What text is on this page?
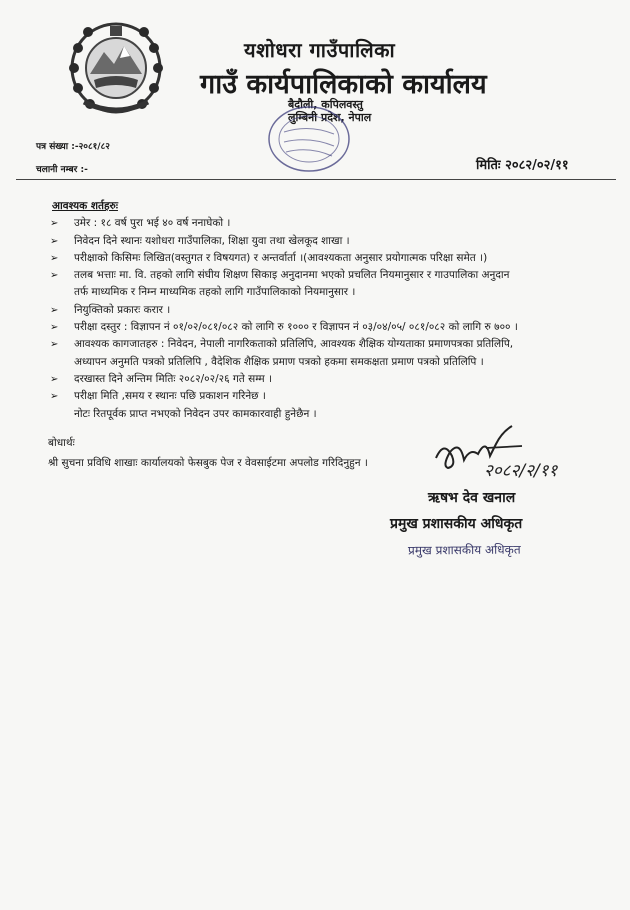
यशोधरा गाउँपालिका
गाउँ कार्यपालिकाको कार्यालय
बैदौली, कपिलवस्तु
लुम्बिनी प्रदेश, नेपाल
पत्र संख्या :-२०८१/८२
चलानी नम्बर :-	मितिः २०८२/०२/११
आवश्यक शर्तहरुः
➢ उमेर : १८ वर्ष पुरा भई ४० वर्ष ननाघेको ।
➢ निवेदन दिने स्थानः यशोधरा गाउँपालिका, शिक्षा युवा तथा खेलकूद शाखा ।
➢ परीक्षाको किसिमः लिखित(वस्तुगत र विषयगत) र अन्तर्वार्ता ।(आवश्यकता अनुसार प्रयोगात्मक परिक्षा समेत ।)
➢ तलब भत्ताः मा. वि. तहको लागि संघीय शिक्षण सिकाइ अनुदानमा भएको प्रचलित नियमानुसार र गाउपालिका अनुदान
तर्फ माध्यमिक र निम्न माध्यमिक तहको लागि गाउँपालिकाको नियमानुसार ।
➢ नियुक्तिको प्रकारः करार ।
➢ परीक्षा दस्तुर : विज्ञापन नं ०१/०२/०८१/०८२ को लागि रु १००० र विज्ञापन नं ०३/०४/०५/ ०८१/०८२ को लागि रु ७०० ।
➢ आवश्यक कागजातहरु : निवेदन, नेपाली नागरिकताको प्रतिलिपि, आवश्यक शैक्षिक योग्यताका प्रमाणपत्रका प्रतिलिपि,
अध्यापन अनुमति पत्रको प्रतिलिपि , वैदेशिक शैक्षिक प्रमाण पत्रको हकमा समकक्षता प्रमाण पत्रको प्रतिलिपि ।
➢ दरखास्त दिने अन्तिम मितिः २०८२/०२/२६ गते सम्म ।
➢ परीक्षा मिति ,समय र स्थानः पछि प्रकाशन गरिनेछ ।
नोटः रितपूर्वक प्राप्त नभएको निवेदन उपर कामकारवाही हुनेछैन ।
बोधार्थः
श्री सुचना प्रविधि शाखाः कार्यालयको फेसबुक पेज र वेवसाईटमा अपलोड गरिदिनुहुन ।	२०८२/२/११
ऋषभ देव खनाल
प्रमुख प्रशासकीय अधिकृत
प्रमुख प्रशासकीय अधिकृत
